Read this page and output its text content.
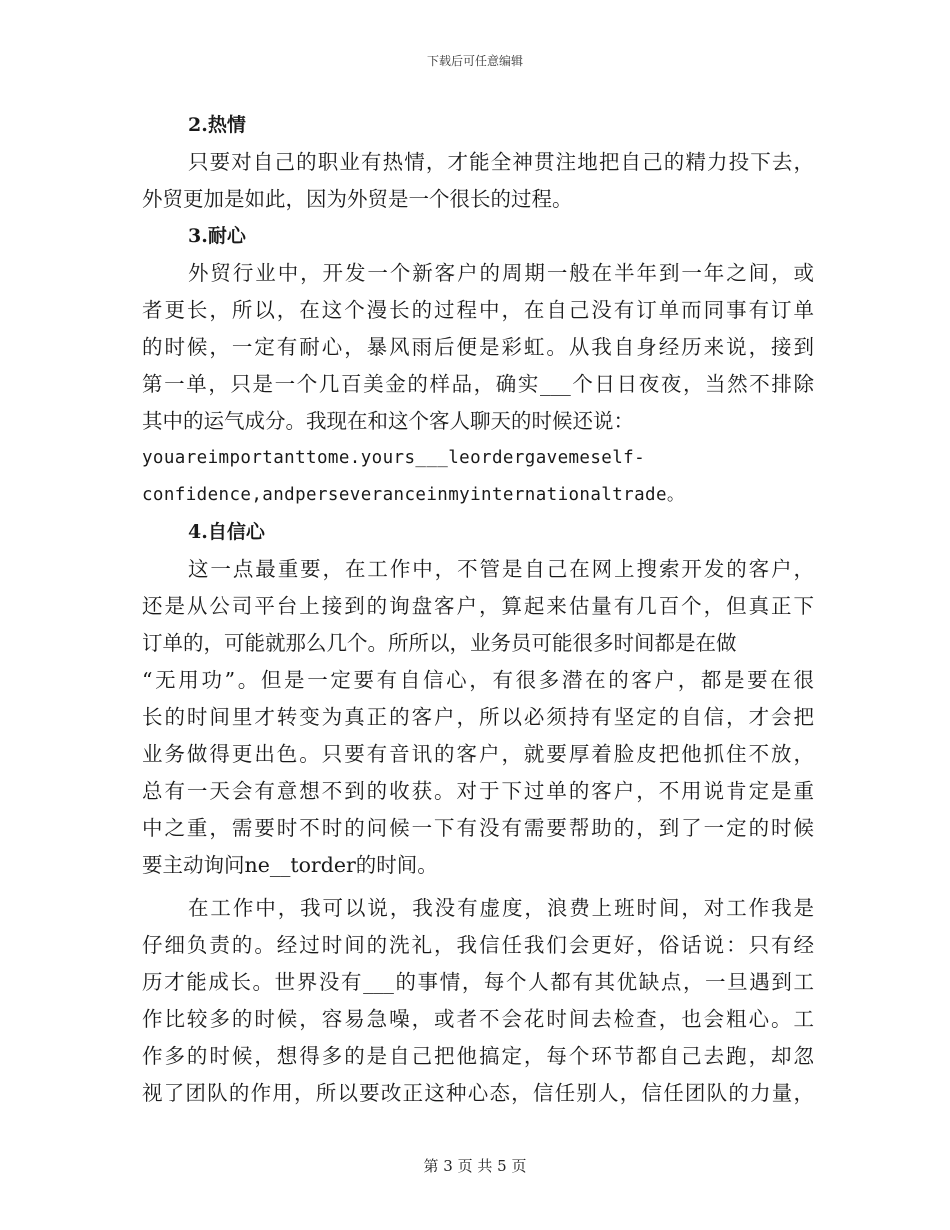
下载后可任意编辑

2.热情

只要对自己的职业有热情，才能全神贯注地把自己的精力投下去，

外贸更加是如此，因为外贸是一个很长的过程。

3.耐心

外贸行业中，开发一个新客户的周期一般在半年到一年之间，或

者更长，所以，在这个漫长的过程中，在自己没有订单而同事有订单

的时候，一定有耐心，暴风雨后便是彩虹。从我自身经历来说，接到

第一单，只是一个几百美金的样品，确实___个日日夜夜，当然不排除

其中的运气成分。我现在和这个客人聊天的时候还说：

youareimportanttome.yours___leordergavemeself-

confidence,andperseveranceinmyinternationaltrade。

4.自信心

这一点最重要，在工作中，不管是自己在网上搜索开发的客户，

还是从公司平台上接到的询盘客户，算起来估量有几百个，但真正下

订单的，可能就那么几个。所所以，业务员可能很多时间都是在做

“无用功”。但是一定要有自信心，有很多潜在的客户，都是要在很

长的时间里才转变为真正的客户，所以必须持有坚定的自信，才会把

业务做得更出色。只要有音讯的客户，就要厚着脸皮把他抓住不放，

总有一天会有意想不到的收获。对于下过单的客户，不用说肯定是重

中之重，需要时不时的问候一下有没有需要帮助的，到了一定的时候

要主动询问ne__torder的时间。

在工作中，我可以说，我没有虚度，浪费上班时间，对工作我是

仔细负责的。经过时间的洗礼，我信任我们会更好，俗话说：只有经

历才能成长。世界没有___的事情，每个人都有其优缺点，一旦遇到工

作比较多的时候，容易急噪，或者不会花时间去检查，也会粗心。工

作多的时候，想得多的是自己把他搞定，每个环节都自己去跑，却忽

视了团队的作用，所以要改正这种心态，信任别人，信任团队的力量，

第 3 页 共 5 页
